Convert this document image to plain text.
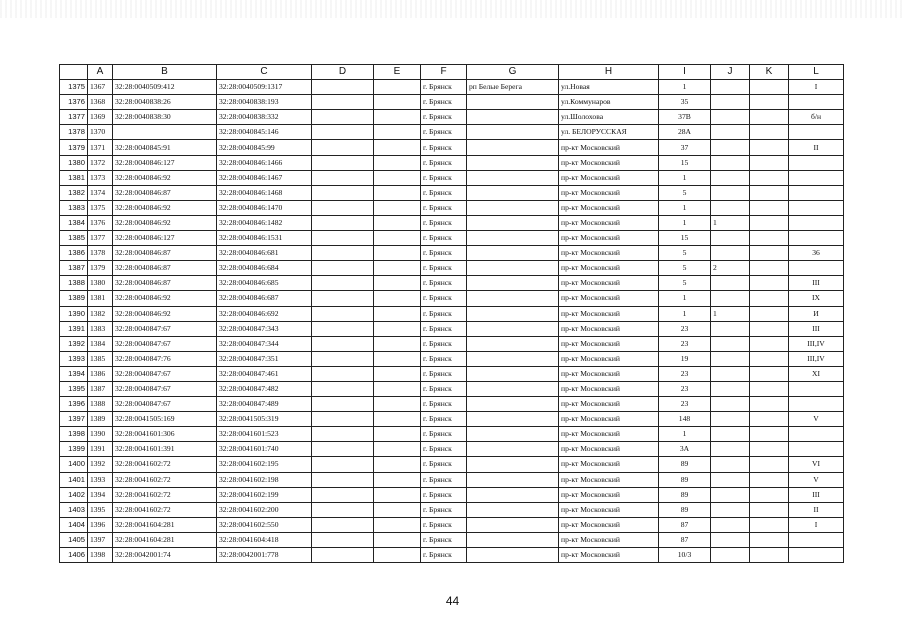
	A	B	C	D	E	F	G	H	I	J	K	L
1375	1367	32:28:0040509:412	32:28:0040509:1317			г. Брянск	рп Белые Берега	ул.Новая	1			I
1376	1368	32:28:0040838:26	32:28:0040838:193			г. Брянск		ул.Коммунаров	35			
1377	1369	32:28:0040838:30	32:28:0040838:332			г. Брянск		ул.Шолохова	37В			б/н
1378	1370		32:28:0040845:146			г. Брянск		ул. БЕЛОРУССКАЯ	28А			
1379	1371	32:28:0040845:91	32:28:0040845:99			г. Брянск		пр-кт Московский	37			II
1380	1372	32:28:0040846:127	32:28:0040846:1466			г. Брянск		пр-кт Московский	15			
1381	1373	32:28:0040846:92	32:28:0040846:1467			г. Брянск		пр-кт Московский	1			
1382	1374	32:28:0040846:87	32:28:0040846:1468			г. Брянск		пр-кт Московский	5			
1383	1375	32:28:0040846:92	32:28:0040846:1470			г. Брянск		пр-кт Московский	1			
1384	1376	32:28:0040846:92	32:28:0040846:1482			г. Брянск		пр-кт Московский	1	1		
1385	1377	32:28:0040846:127	32:28:0040846:1531			г. Брянск		пр-кт Московский	15			
1386	1378	32:28:0040846:87	32:28:0040846:681			г. Брянск		пр-кт Московский	5			36
1387	1379	32:28:0040846:87	32:28:0040846:684			г. Брянск		пр-кт Московский	5	2		
1388	1380	32:28:0040846:87	32:28:0040846:685			г. Брянск		пр-кт Московский	5			III
1389	1381	32:28:0040846:92	32:28:0040846:687			г. Брянск		пр-кт Московский	1			IX
1390	1382	32:28:0040846:92	32:28:0040846:692			г. Брянск		пр-кт Московский	1	1		И
1391	1383	32:28:0040847:67	32:28:0040847:343			г. Брянск		пр-кт Московский	23			III
1392	1384	32:28:0040847:67	32:28:0040847:344			г. Брянск		пр-кт Московский	23			III,IV
1393	1385	32:28:0040847:76	32:28:0040847:351			г. Брянск		пр-кт Московский	19			III,IV
1394	1386	32:28:0040847:67	32:28:0040847:461			г. Брянск		пр-кт Московский	23			XI
1395	1387	32:28:0040847:67	32:28:0040847:482			г. Брянск		пр-кт Московский	23			
1396	1388	32:28:0040847:67	32:28:0040847:489			г. Брянск		пр-кт Московский	23			
1397	1389	32:28:0041505:169	32:28:0041505:319			г. Брянск		пр-кт Московский	148			V
1398	1390	32:28:0041601:306	32:28:0041601:523			г. Брянск		пр-кт Московский	1			
1399	1391	32:28:0041601:391	32:28:0041601:740			г. Брянск		пр-кт Московский	3А			
1400	1392	32:28:0041602:72	32:28:0041602:195			г. Брянск		пр-кт Московский	89			VI
1401	1393	32:28:0041602:72	32:28:0041602:198			г. Брянск		пр-кт Московский	89			V
1402	1394	32:28:0041602:72	32:28:0041602:199			г. Брянск		пр-кт Московский	89			III
1403	1395	32:28:0041602:72	32:28:0041602:200			г. Брянск		пр-кт Московский	89			II
1404	1396	32:28:0041604:281	32:28:0041602:550			г. Брянск		пр-кт Московский	87			I
1405	1397	32:28:0041604:281	32:28:0041604:418			г. Брянск		пр-кт Московский	87			
1406	1398	32:28:0042001:74	32:28:0042001:778			г. Брянск		пр-кт Московский	10/3			
44
